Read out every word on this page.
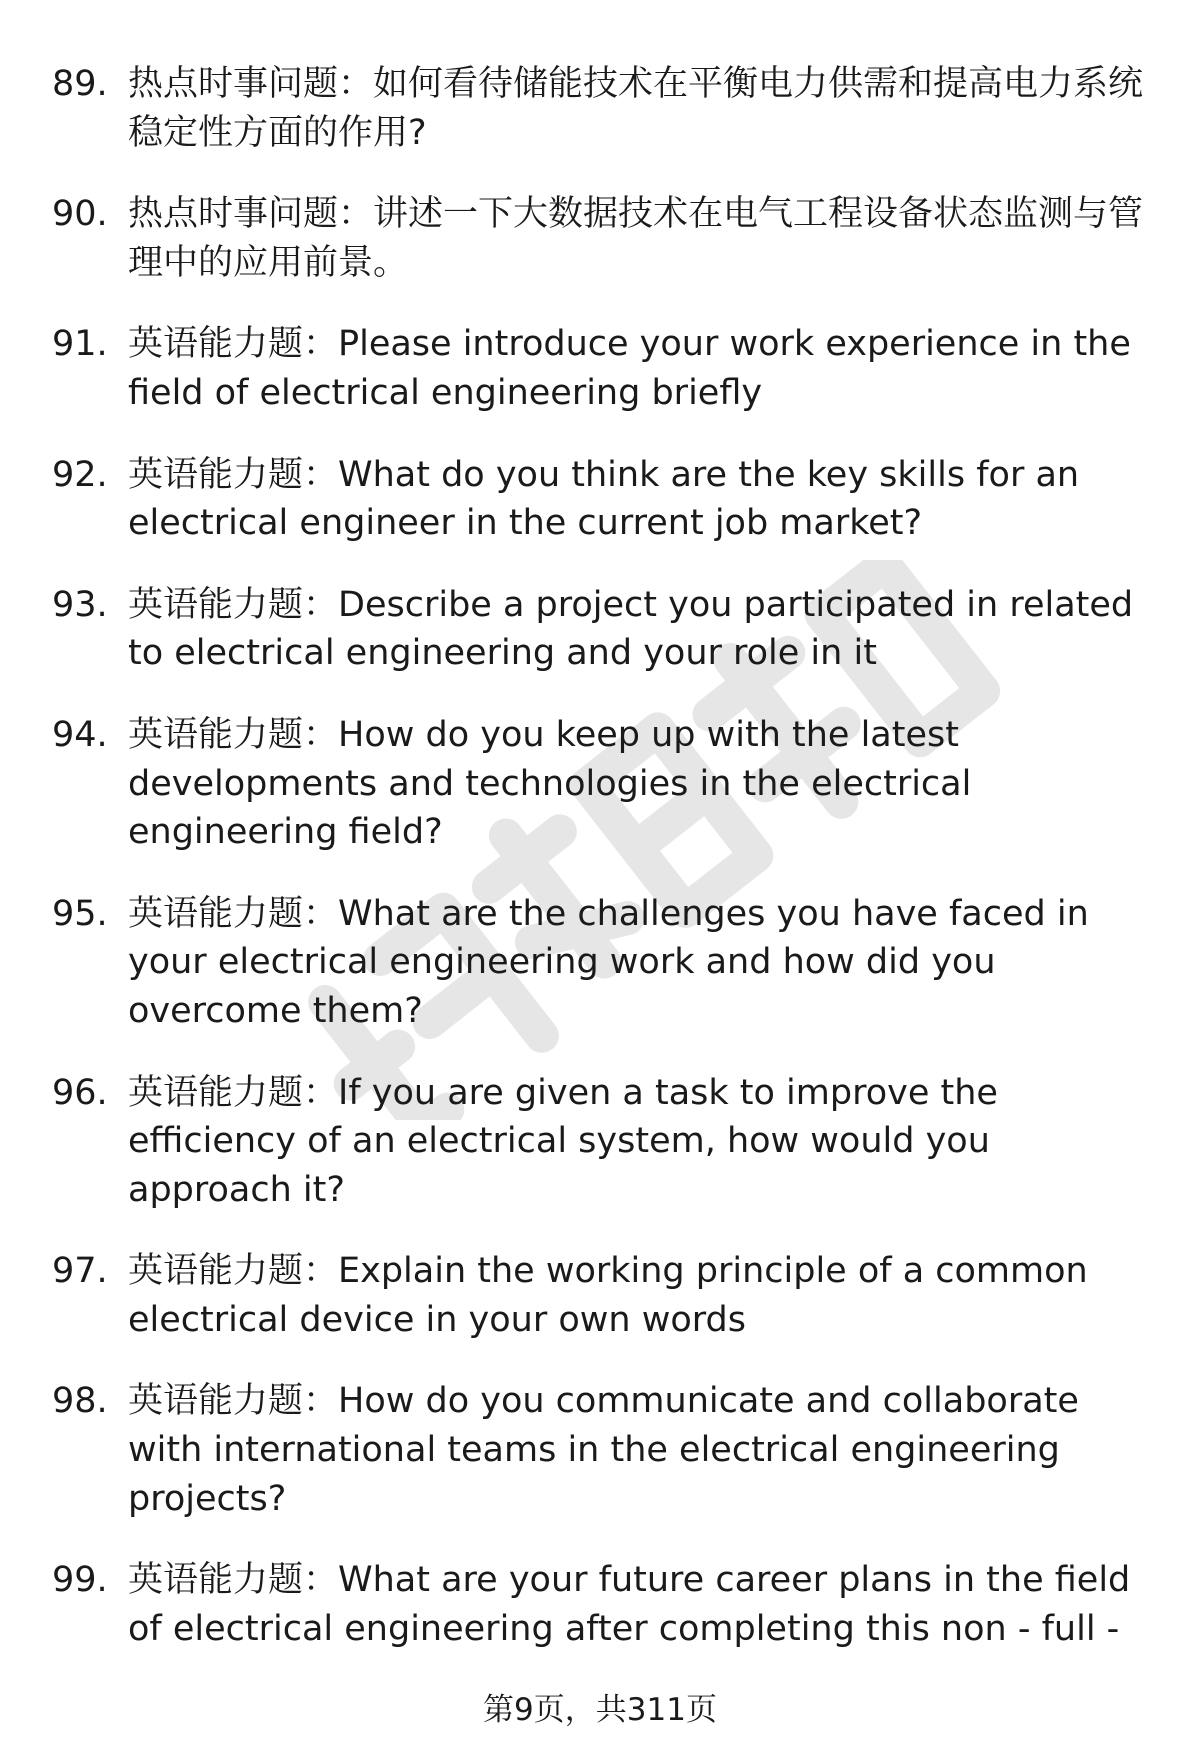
89. 热点时事问题：如何看待储能技术在平衡电力供需和提高电力系统稳定性方面的作用?
90. 热点时事问题：讲述一下大数据技术在电气工程设备状态监测与管理中的应用前景。
91. 英语能力题：Please introduce your work experience in the field of electrical engineering briefly
92. 英语能力题：What do you think are the key skills for an electrical engineer in the current job market?
93. 英语能力题：Describe a project you participated in related to electrical engineering and your role in it
94. 英语能力题：How do you keep up with the latest developments and technologies in the electrical engineering field?
95. 英语能力题：What are the challenges you have faced in your electrical engineering work and how did you overcome them?
96. 英语能力题：If you are given a task to improve the efficiency of an electrical system, how would you approach it?
97. 英语能力题：Explain the working principle of a common electrical device in your own words
98. 英语能力题：How do you communicate and collaborate with international teams in the electrical engineering projects?
99. 英语能力题：What are your future career plans in the field of electrical engineering after completing this non - full -
第9页，共311页
